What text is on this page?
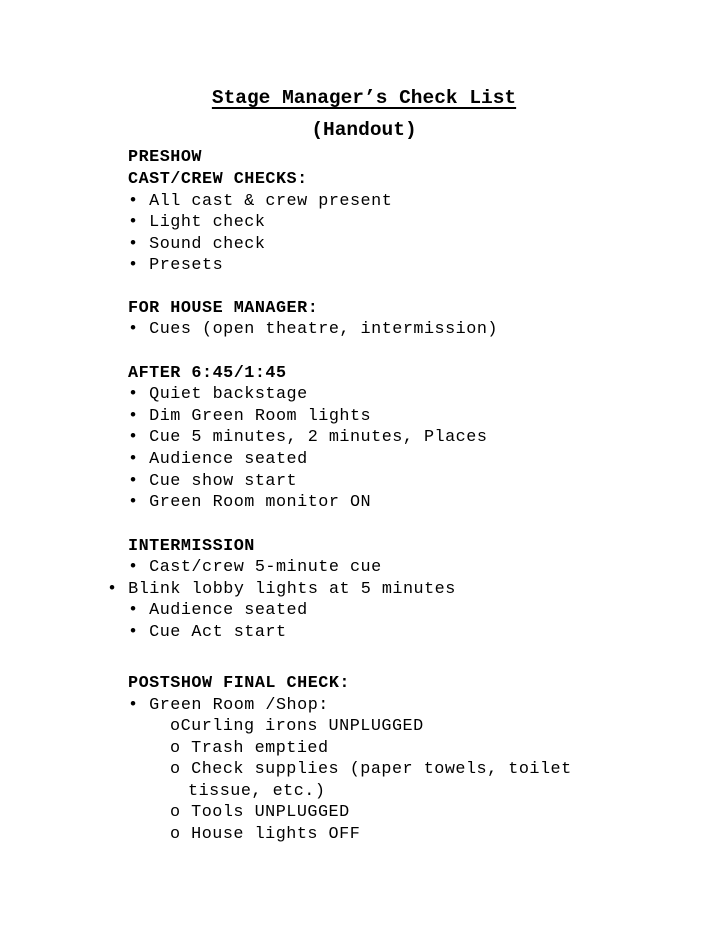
Stage Manager’s Check List
(Handout)
PRESHOW
CAST/CREW CHECKS:
• All cast & crew present
• Light check
• Sound check
• Presets
FOR HOUSE MANAGER:
• Cues (open theatre, intermission)
AFTER 6:45/1:45
• Quiet backstage
• Dim Green Room lights
• Cue 5 minutes, 2 minutes, Places
• Audience seated
• Cue show start
• Green Room monitor ON
INTERMISSION
• Cast/crew 5-minute cue
• Blink lobby lights at 5 minutes
• Audience seated
• Cue Act start
POSTSHOW FINAL CHECK:
• Green Room /Shop:
oCurling irons UNPLUGGED
o Trash emptied
o Check supplies (paper towels, toilet
tissue, etc.)
o Tools UNPLUGGED
o House lights OFF
